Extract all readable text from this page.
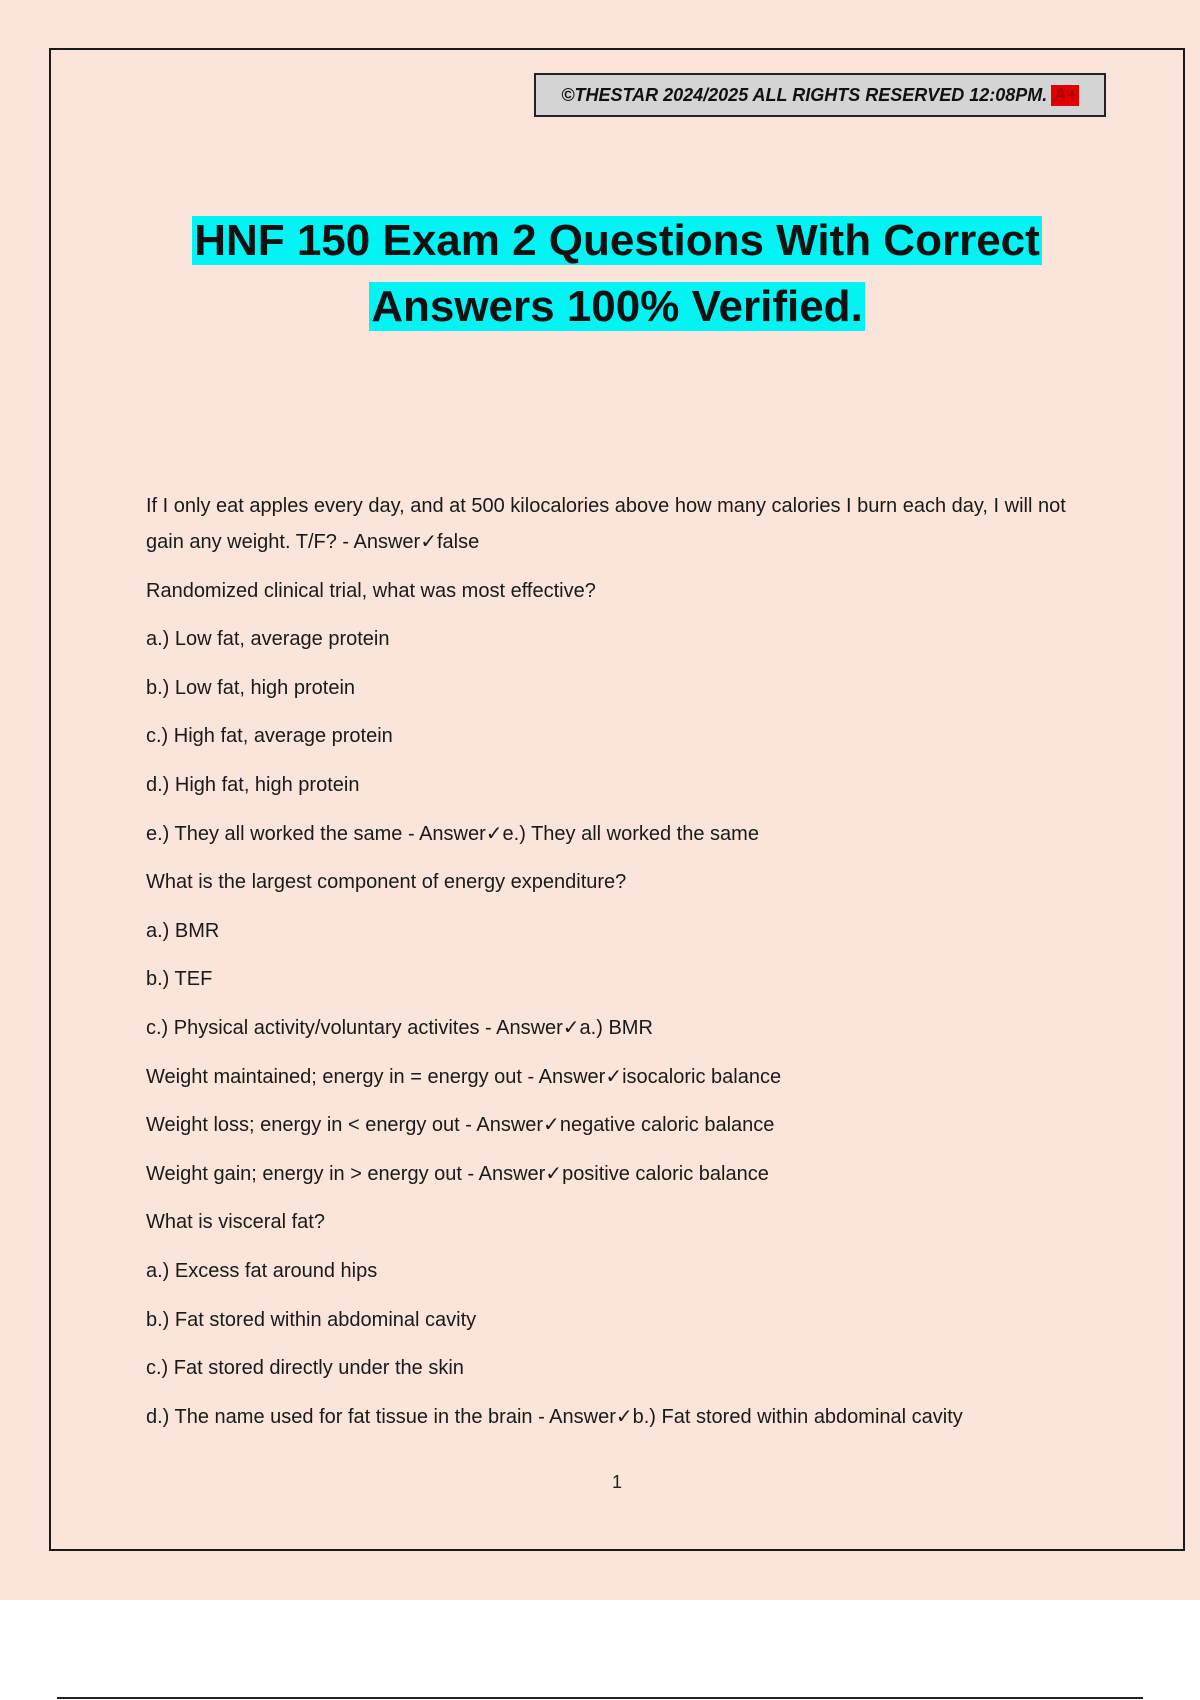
©THESTAR 2024/2025 ALL RIGHTS RESERVED 12:08PM. A+
HNF 150 Exam 2 Questions With Correct
Answers 100% Verified.

If I only eat apples every day, and at 500 kilocalories above how many calories I burn each day, I will not gain any weight. T/F? - Answer✓false

Randomized clinical trial, what was most effective?

a.) Low fat, average protein

b.) Low fat, high protein

c.) High fat, average protein

d.) High fat, high protein

e.) They all worked the same - Answer✓e.) They all worked the same

What is the largest component of energy expenditure?

a.) BMR

b.) TEF

c.) Physical activity/voluntary activites - Answer✓a.) BMR

Weight maintained; energy in = energy out - Answer✓isocaloric balance

Weight loss; energy in < energy out - Answer✓negative caloric balance

Weight gain; energy in > energy out - Answer✓positive caloric balance

What is visceral fat?

a.) Excess fat around hips

b.) Fat stored within abdominal cavity

c.) Fat stored directly under the skin

d.) The name used for fat tissue in the brain - Answer✓b.) Fat stored within abdominal cavity

1
